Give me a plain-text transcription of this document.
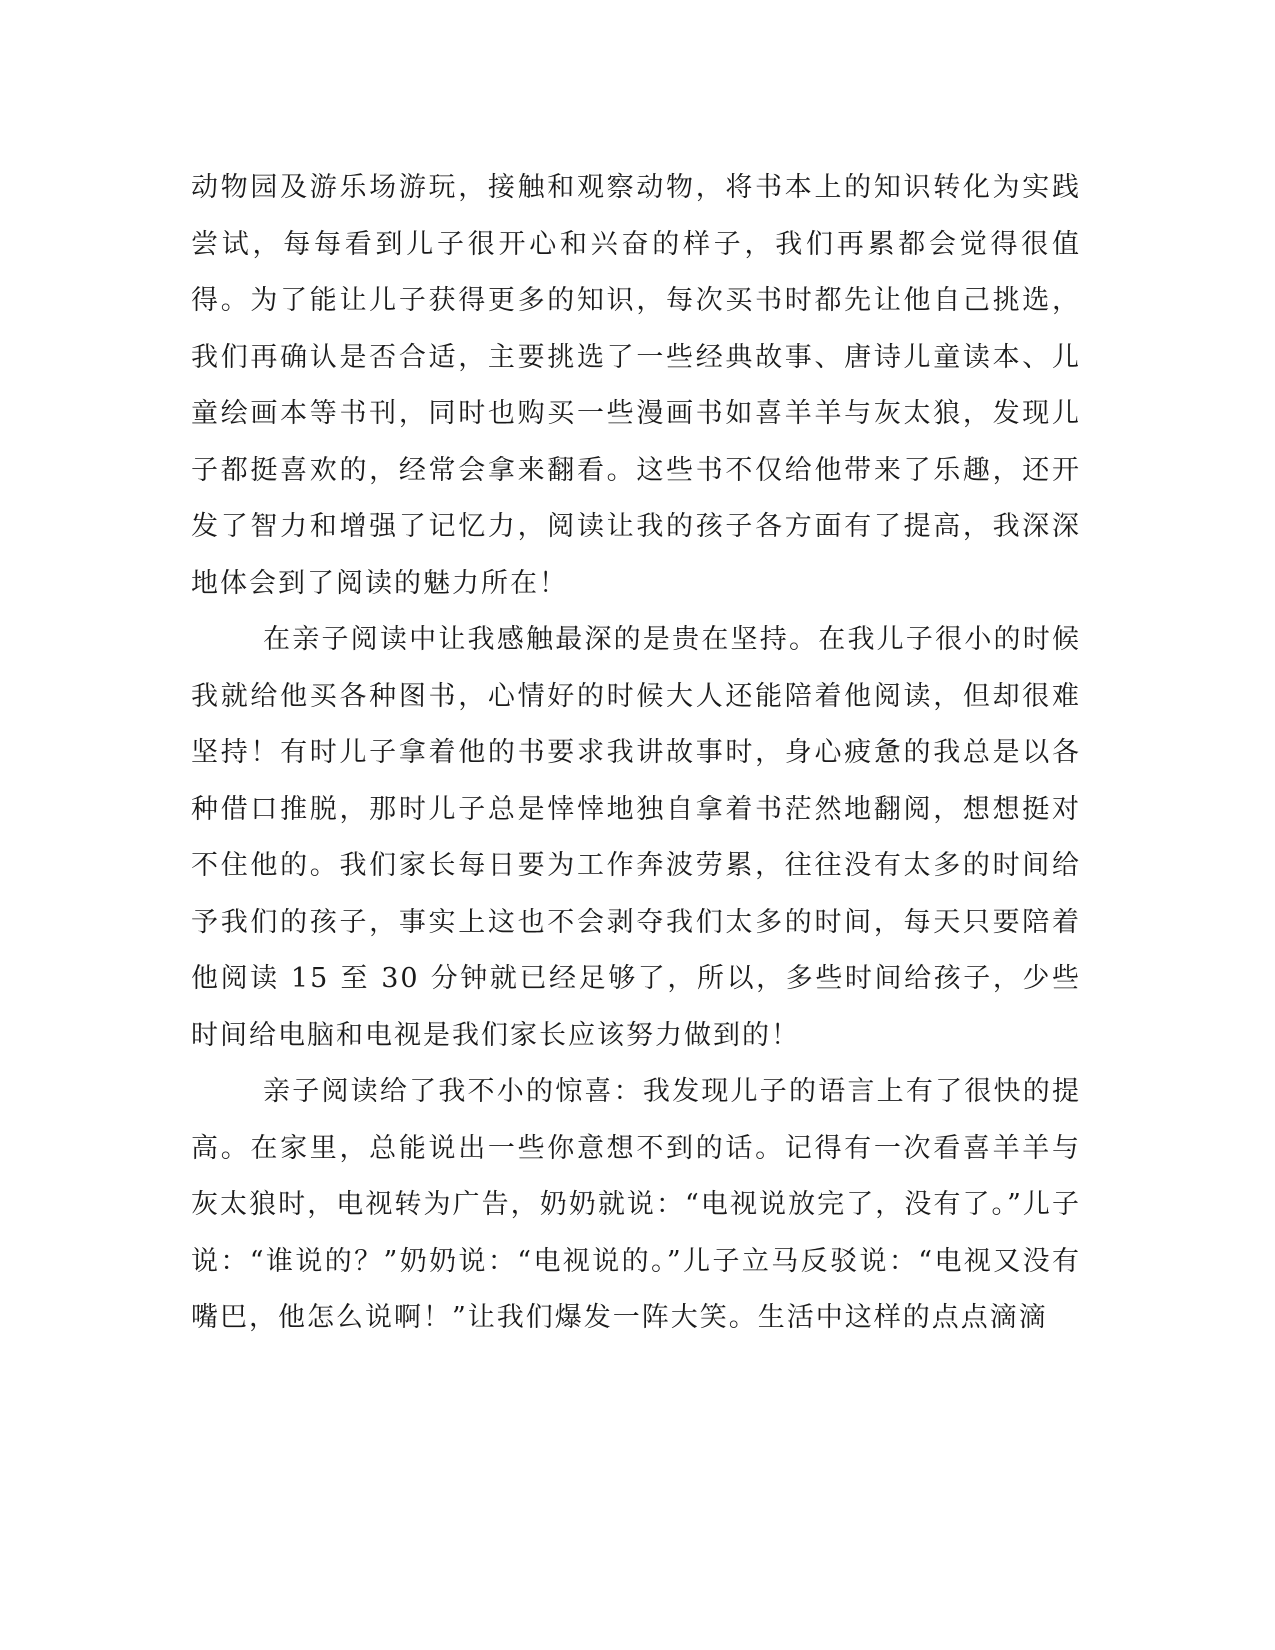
动物园及游乐场游玩，接触和观察动物，将书本上的知识转化为实践尝试，每每看到儿子很开心和兴奋的样子，我们再累都会觉得很值得。为了能让儿子获得更多的知识，每次买书时都先让他自己挑选，我们再确认是否合适，主要挑选了一些经典故事、唐诗儿童读本、儿童绘画本等书刊，同时也购买一些漫画书如喜羊羊与灰太狼，发现儿子都挺喜欢的，经常会拿来翻看。这些书不仅给他带来了乐趣，还开发了智力和增强了记忆力，阅读让我的孩子各方面有了提高，我深深地体会到了阅读的魅力所在！

在亲子阅读中让我感触最深的是贵在坚持。在我儿子很小的时候我就给他买各种图书，心情好的时候大人还能陪着他阅读，但却很难坚持！有时儿子拿着他的书要求我讲故事时，身心疲惫的我总是以各种借口推脱，那时儿子总是悻悻地独自拿着书茫然地翻阅，想想挺对不住他的。我们家长每日要为工作奔波劳累，往往没有太多的时间给予我们的孩子，事实上这也不会剥夺我们太多的时间，每天只要陪着他阅读 15 至 30 分钟就已经足够了，所以，多些时间给孩子，少些时间给电脑和电视是我们家长应该努力做到的！

亲子阅读给了我不小的惊喜：我发现儿子的语言上有了很快的提高。在家里，总能说出一些你意想不到的话。记得有一次看喜羊羊与灰太狼时，电视转为广告，奶奶就说：“电视说放完了，没有了。”儿子说：“谁说的？”奶奶说：“电视说的。”儿子立马反驳说：“电视又没有嘴巴，他怎么说啊！”让我们爆发一阵大笑。生活中这样的点点滴滴
